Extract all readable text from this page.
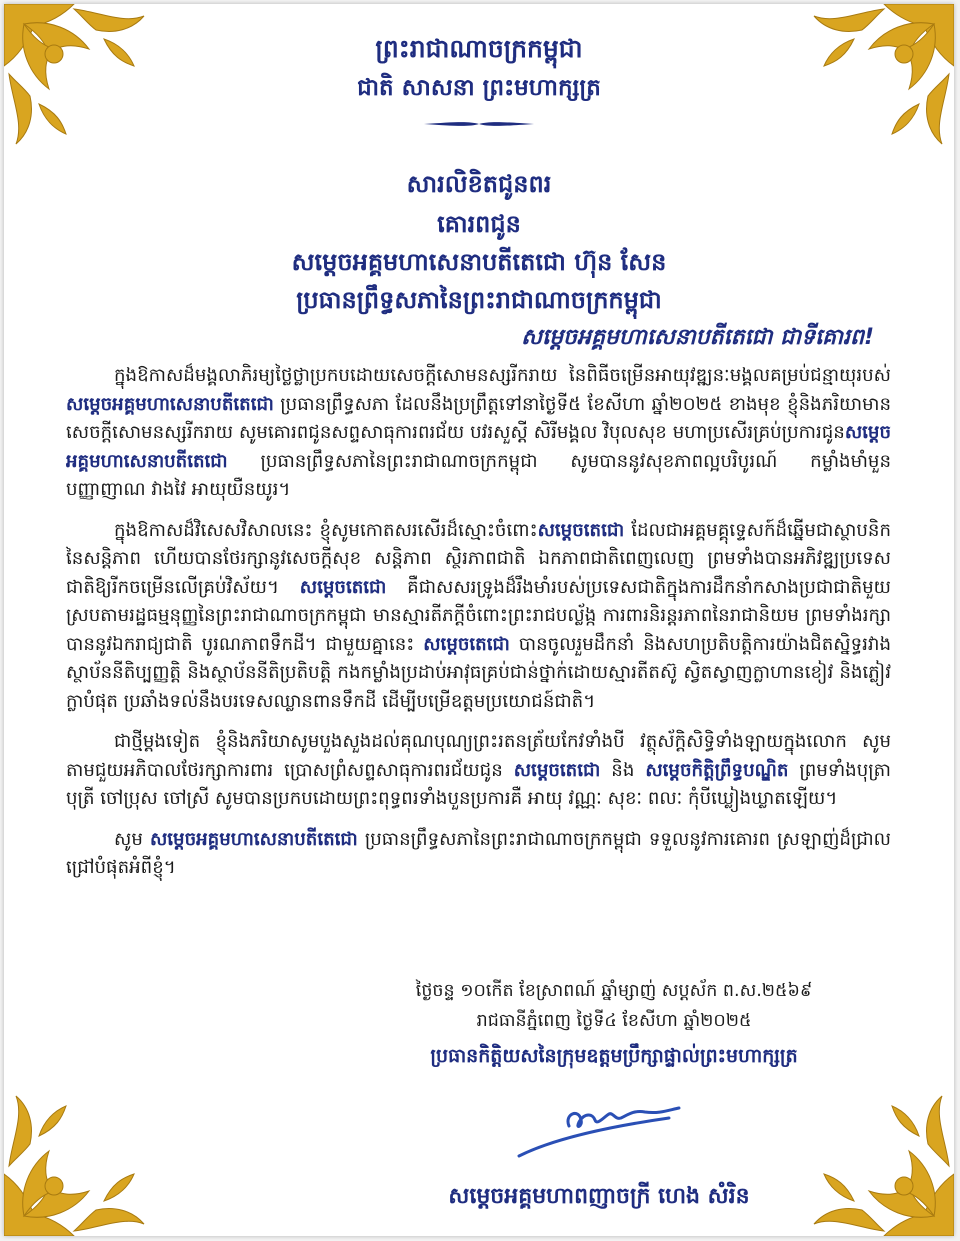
ព្រះរាជាណាចក្រកម្ពុជា
ជាតិ សាសនា ព្រះមហាក្សត្រ
សារលិខិតជូនពរ
គោរពជូន
សម្តេចអគ្គមហាសេនាបតីតេជោ ហ៊ុន សែន
ប្រធានព្រឹទ្ធសភានៃព្រះរាជាណាចក្រកម្ពុជា
សម្តេចអគ្គមហាសេនាបតីតេជោ ជាទីគោរព!

ក្នុងឱកាសដ៏មង្គលាភិរម្យថ្លៃថ្លាប្រកបដោយសេចក្តីសោមនស្សរីករាយ នៃពិធីចម្រើនអាយុវឌ្ឍនៈមង្គលគម្រប់ជន្មាយុរបស់ សម្តេចអគ្គមហាសេនាបតីតេជោ ប្រធានព្រឹទ្ធសភា ដែលនឹងប្រព្រឹត្តទៅនាថ្ងៃទី៥ ខែសីហា ឆ្នាំ២០២៥ ខាងមុខ ខ្ញុំនិងភរិយាមានសេចក្តីសោមនស្សរីករាយ សូមគោរពជូនសព្ទសាធុការពរជ័យ បវរសួស្តី សិរីមង្គល វិបុលសុខ មហាប្រសើរគ្រប់ប្រការជូនសម្តេចអគ្គមហាសេនាបតីតេជោ ប្រធានព្រឹទ្ធសភានៃព្រះរាជាណាចក្រកម្ពុជា សូមបាននូវសុខភាពល្អបរិបូរណ៍ កម្លាំងមាំមួន បញ្ញាញាណ វាងវៃ អាយុយឺនយូរ។

ក្នុងឱកាសដ៏វិសេសវិសាលនេះ ខ្ញុំសូមកោតសរសើរដ៏ស្មោះចំពោះសម្តេចតេជោ ដែលជាអគ្គមគ្គុទ្ទេសក៍ដ៏ឆ្នើមជាស្ថាបនិកនៃសន្តិភាព ហើយបានថែរក្សានូវសេចក្តីសុខ សន្តិភាព ស្ថិរភាពជាតិ ឯកភាពជាតិពេញលេញ ព្រមទាំងបានអភិវឌ្ឍប្រទេសជាតិឱ្យរីកចម្រើនលើគ្រប់វិស័យ។ សម្តេចតេជោ គឺជាសសរទ្រូងដ៏រឹងមាំរបស់ប្រទេសជាតិក្នុងការដឹកនាំកសាងប្រជាជាតិមួយ ស្របតាមរដ្ឋធម្មនុញ្ញនៃព្រះរាជាណាចក្រកម្ពុជា មានស្មារតីភក្តីចំពោះព្រះរាជបល្ល័ង្ក ការពារនិរន្តរភាពនៃរាជានិយម ព្រមទាំងរក្សាបាននូវឯករាជ្យជាតិ បូរណភាពទឹកដី។ ជាមួយគ្នានេះ សម្តេចតេជោ បានចូលរួមដឹកនាំ និងសហប្រតិបត្តិការយ៉ាងជិតស្និទ្ធរវាងស្ថាប័ននីតិប្បញ្ញត្តិ និងស្ថាប័ននីតិប្រតិបត្តិ កងកម្លាំងប្រដាប់អាវុធគ្រប់ជាន់ថ្នាក់ដោយស្មារតីតស៊ូ ស្វិតស្វាញក្លាហានខៀវ និងភ្លៀវក្លាបំផុត ប្រឆាំងទល់នឹងបរទេសឈ្លានពានទឹកដី ដើម្បីបម្រើឧត្តមប្រយោជន៍ជាតិ។

ជាថ្មីម្តងទៀត ខ្ញុំនិងភរិយាសូមបួងសួងដល់គុណបុណ្យព្រះរតនត្រ័យកែវទាំងបី វត្ថុស័ក្តិសិទ្ធិទាំងឡាយក្នុងលោក សូមតាមជួយអភិបាលថែរក្សាការពារ ប្រោសព្រំសព្ទសាធុការពរជ័យជូន សម្តេចតេជោ និង សម្តេចកិត្តិព្រឹទ្ធបណ្ឌិត ព្រមទាំងបុត្រា បុត្រី ចៅប្រុស ចៅស្រី សូមបានប្រកបដោយព្រះពុទ្ធពរទាំងបួនប្រការគឺ អាយុ វណ្ណៈ សុខៈ ពលៈ កុំបីឃ្លៀងឃ្លាតឡើយ។

សូម សម្តេចអគ្គមហាសេនាបតីតេជោ ប្រធានព្រឹទ្ធសភានៃព្រះរាជាណាចក្រកម្ពុជា ទទួលនូវការគោរព ស្រឡាញ់ដ៏ជ្រាលជ្រៅបំផុតអំពីខ្ញុំ។

ថ្ងៃចន្ទ ១០កើត ខែស្រាពណ៍ ឆ្នាំម្សាញ់ សប្តស័ក ព.ស.២៥៦៩
រាជធានីភ្នំពេញ ថ្ងៃទី៤ ខែសីហា ឆ្នាំ២០២៥
ប្រធានកិត្តិយសនៃក្រុមឧត្តមប្រឹក្សាផ្ទាល់ព្រះមហាក្សត្រ
សម្តេចអគ្គមហាពញាចក្រី ហេង សំរិន
